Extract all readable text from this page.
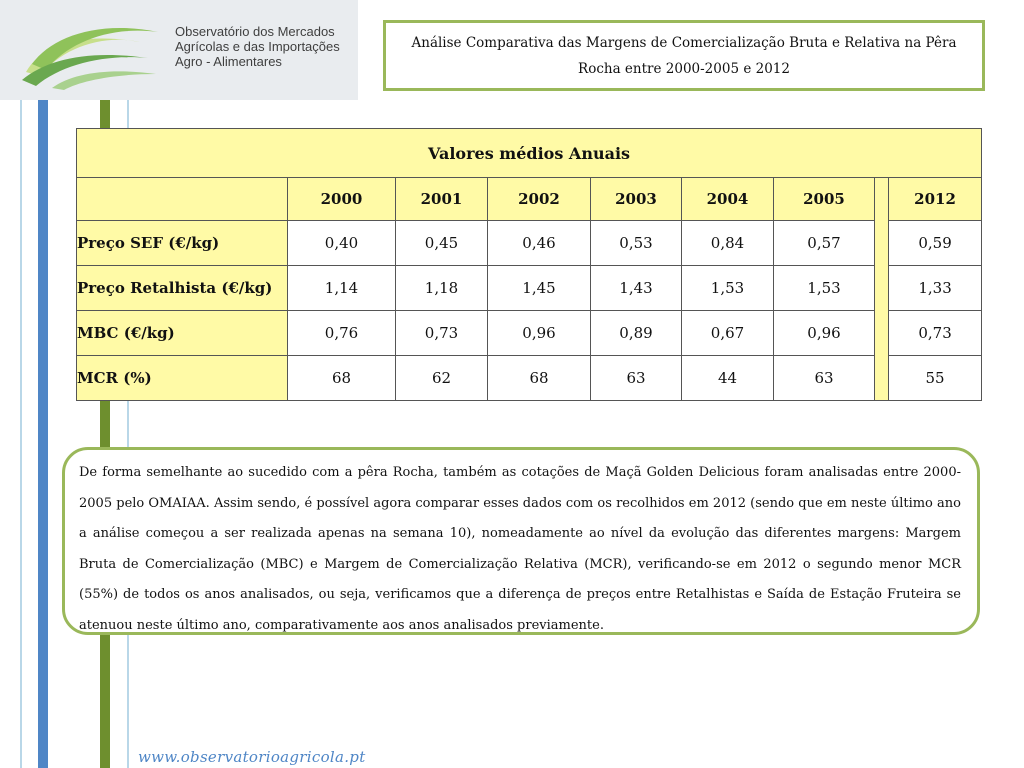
Observatório dos Mercados
Agrícolas e das Importações
Agro - Alimentares
Análise Comparativa das Margens de Comercialização Bruta e Relativa na Pêra Rocha entre 2000-2005 e 2012
Valores médios Anuais								
	2000	2001	2002	2003	2004	2005		2012
Preço SEF (€/kg)	0,40	0,45	0,46	0,53	0,84	0,57		0,59
Preço Retalhista (€/kg)	1,14	1,18	1,45	1,43	1,53	1,53		1,33
MBC (€/kg)	0,76	0,73	0,96	0,89	0,67	0,96		0,73
MCR (%)	68	62	68	63	44	63		55
De forma semelhante ao sucedido com a pêra Rocha, também as cotações de Maçã Golden Delicious foram analisadas entre 2000-2005 pelo OMAIAA. Assim sendo, é possível agora comparar esses dados com os recolhidos em 2012 (sendo que em neste último ano a análise começou a ser realizada apenas na semana 10), nomeadamente ao nível da evolução das diferentes margens: Margem Bruta de Comercialização (MBC) e Margem de Comercialização Relativa (MCR), verificando-se em 2012 o segundo menor MCR (55%) de todos os anos analisados, ou seja, verificamos que a diferença de preços entre Retalhistas e Saída de Estação Fruteira se atenuou neste último ano, comparativamente aos anos analisados previamente.
www.observatorioagricola.pt
